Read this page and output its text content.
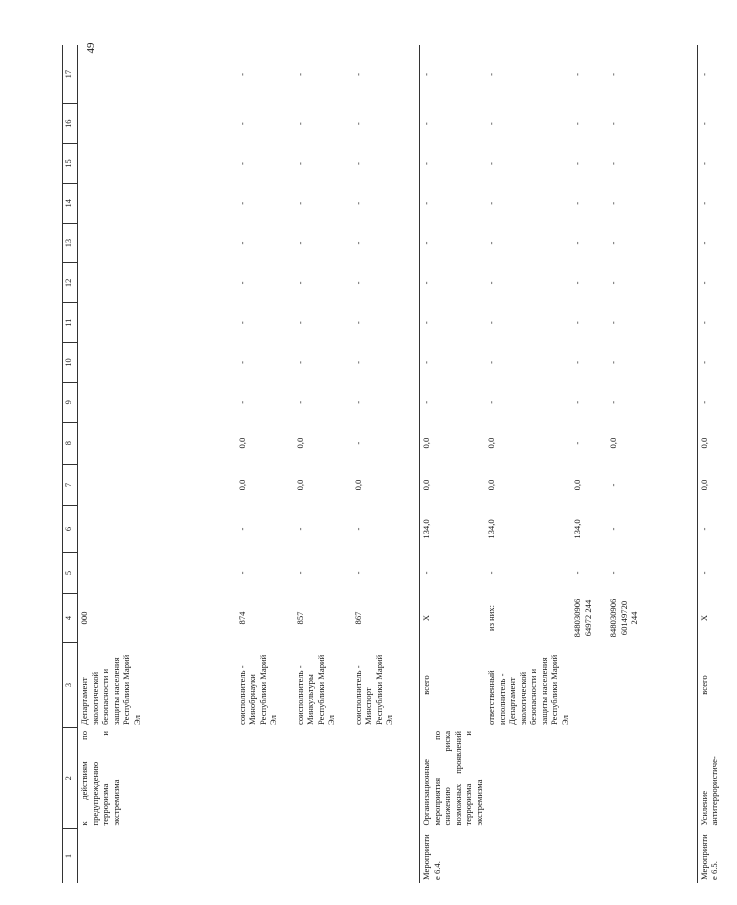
49
1	2	3	4	5	6	7	8	9	10	11	12	13	14	15	16	17
	к действиям по предупреждению терроризма и экстремизма	Департамент экологической безопасности и защиты населения Республики Марий Эл	000													
		соисполнитель - Минобрнауки Республики Марий Эл	874	-	-	0,0	0,0	-	-	-	-	-	-	-	-	-
		соисполнитель - Минкультуры Республики Марий Эл	857	-	-	0,0	0,0	-	-	-	-	-	-	-	-	-
		соисполнитель - Минспорт Республики Марий Эл	867	-	-	0,0	-	-	-	-	-	-	-	-	-	-
Мероприятие 6.4.	Организационные мероприятия по снижению риска возможных проявлений терроризма и экстремизма	всего	X	-	134,0	0,0	0,0	-	-	-	-	-	-	-	-	-
		ответственный исполнитель - Департамент экологической безопасности и защиты населения Республики Марий Эл	из них:	-	134,0	0,0	0,0	-	-	-	-	-	-	-	-	-
			848030906 64972 244	-	134,0	0,0	-	-	-	-	-	-	-	-	-	-
			848030906 60149720 244	-	-	-	0,0	-	-	-	-	-	-	-	-	-
Мероприятие 6.5.	Усиление антитеррористиче-	всего	X	-	-	0,0	0,0	-	-	-	-	-	-	-	-	-
